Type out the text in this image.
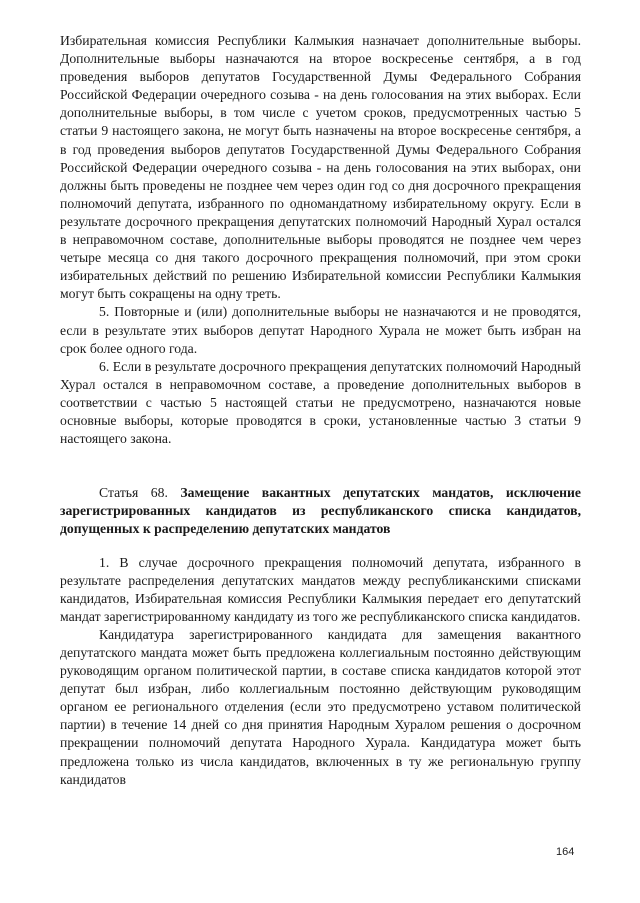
Избирательная комиссия Республики Калмыкия назначает дополнительные выборы. Дополнительные выборы назначаются на второе воскресенье сентября, а в год проведения выборов депутатов Государственной Думы Федерального Собрания Российской Федерации очередного созыва - на день голосования на этих выборах. Если дополнительные выборы, в том числе с учетом сроков, предусмотренных частью 5 статьи 9 настоящего закона, не могут быть назначены на второе воскресенье сентября, а в год проведения выборов депутатов Государственной Думы Федерального Собрания Российской Федерации очередного созыва - на день голосования на этих выборах, они должны быть проведены не позднее чем через один год со дня досрочного прекращения полномочий депутата, избранного по одномандатному избирательному округу. Если в результате досрочного прекращения депутатских полномочий Народный Хурал остался в неправомочном составе, дополнительные выборы проводятся не позднее чем через четыре месяца со дня такого досрочного прекращения полномочий, при этом сроки избирательных действий по решению Избирательной комиссии Республики Калмыкия могут быть сокращены на одну треть.

5. Повторные и (или) дополнительные выборы не назначаются и не проводятся, если в результате этих выборов депутат Народного Хурала не может быть избран на срок более одного года.

6. Если в результате досрочного прекращения депутатских полномочий Народный Хурал остался в неправомочном составе, а проведение дополнительных выборов в соответствии с частью 5 настоящей статьи не предусмотрено, назначаются новые основные выборы, которые проводятся в сроки, установленные частью 3 статьи 9 настоящего закона.

Статья 68. Замещение вакантных депутатских мандатов, исключение зарегистрированных кандидатов из республиканского списка кандидатов, допущенных к распределению депутатских мандатов

1. В случае досрочного прекращения полномочий депутата, избранного в результате распределения депутатских мандатов между республиканскими списками кандидатов, Избирательная комиссия Республики Калмыкия передает его депутатский мандат зарегистрированному кандидату из того же республиканского списка кандидатов.

Кандидатура зарегистрированного кандидата для замещения вакантного депутатского мандата может быть предложена коллегиальным постоянно действующим руководящим органом политической партии, в составе списка кандидатов которой этот депутат был избран, либо коллегиальным постоянно действующим руководящим органом ее регионального отделения (если это предусмотрено уставом политической партии) в течение 14 дней со дня принятия Народным Хуралом решения о досрочном прекращении полномочий депутата Народного Хурала. Кандидатура может быть предложена только из числа кандидатов, включенных в ту же региональную группу кандидатов

164
